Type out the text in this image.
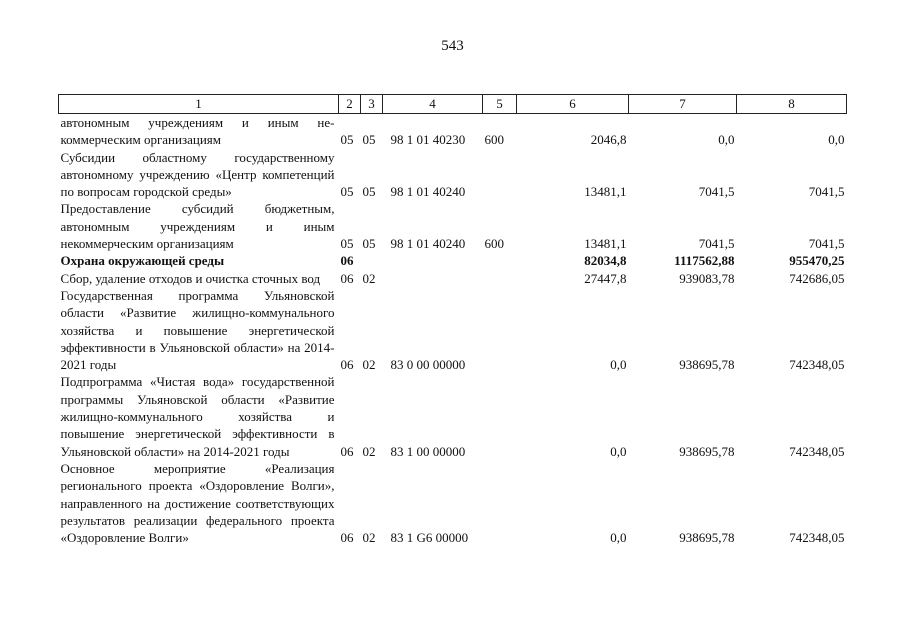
543
1	2	3	4	5	6	7	8
автономным учреждениям и иным не-коммерческим организациям	05	05	98 1 01 40230	600	2046,8	0,0	0,0
Субсидии областному государственному автономному учреждению «Центр компетенций по вопросам городской среды»	05	05	98 1 01 40240		13481,1	7041,5	7041,5
Предоставление субсидий бюджетным, автономным учреждениям и иным некоммерческим организациям	05	05	98 1 01 40240	600	13481,1	7041,5	7041,5
Охрана окружающей среды	06				82034,8	1117562,88	955470,25
Сбор, удаление отходов и очистка сточных вод	06	02			27447,8	939083,78	742686,05
Государственная программа Ульяновской области «Развитие жилищно-коммунального хозяйства и повышение энергетической эффективности в Ульяновской области» на 2014-2021 годы	06	02	83 0 00 00000		0,0	938695,78	742348,05
Подпрограмма «Чистая вода» государственной программы Ульяновской области «Развитие жилищно-коммунального хозяйства и повышение энергетической эффективности в Ульяновской области» на 2014-2021 годы	06	02	83 1 00 00000		0,0	938695,78	742348,05
Основное мероприятие «Реализация регионального проекта «Оздоровление Волги», направленного на достижение соответствующих результатов реализации федерального проекта «Оздоровление Волги»	06	02	83 1 G6 00000		0,0	938695,78	742348,05
